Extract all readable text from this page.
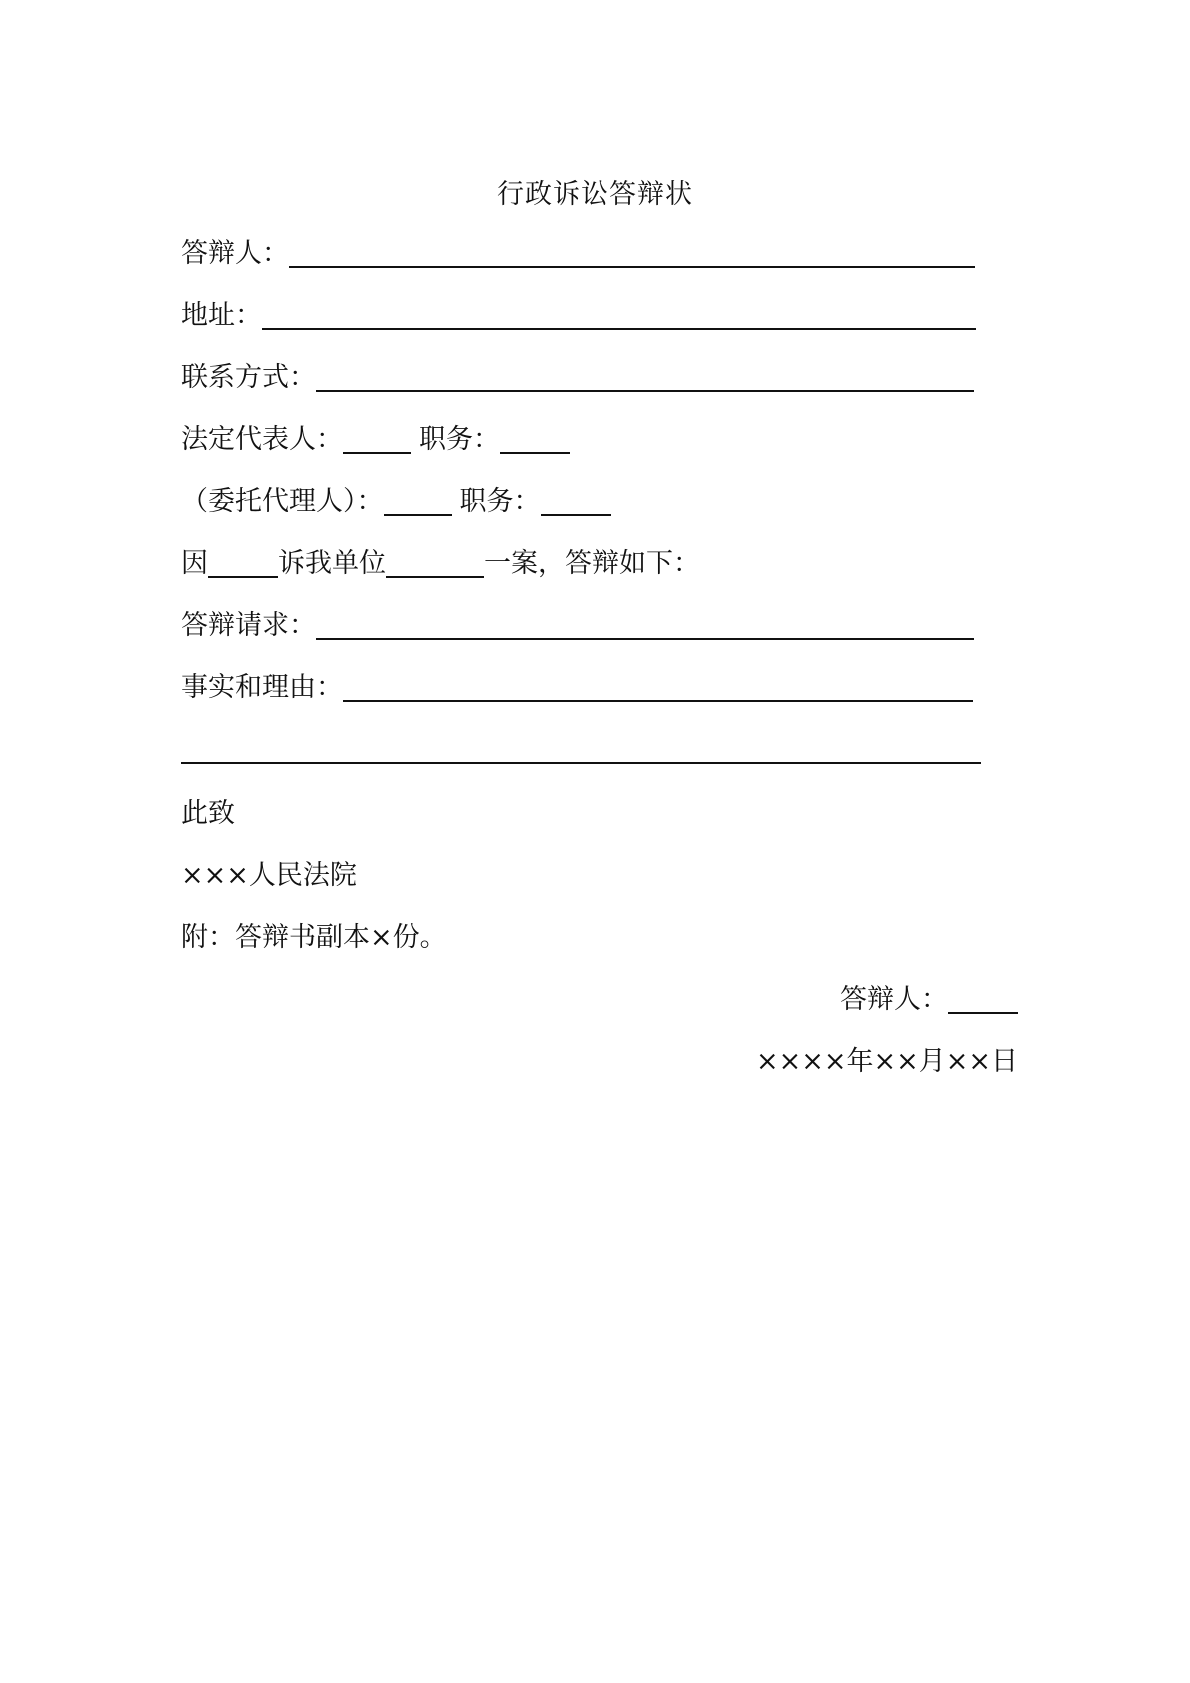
行政诉讼答辩状
答辩人：
地址：
联系方式：
法定代表人：	职务：
（委托代理人）：	职务：
因	诉我单位	一案，答辩如下：
答辩请求：
事实和理由：
此致
×××人民法院
附：答辩书副本×份。
答辩人：
××××年××月××日
